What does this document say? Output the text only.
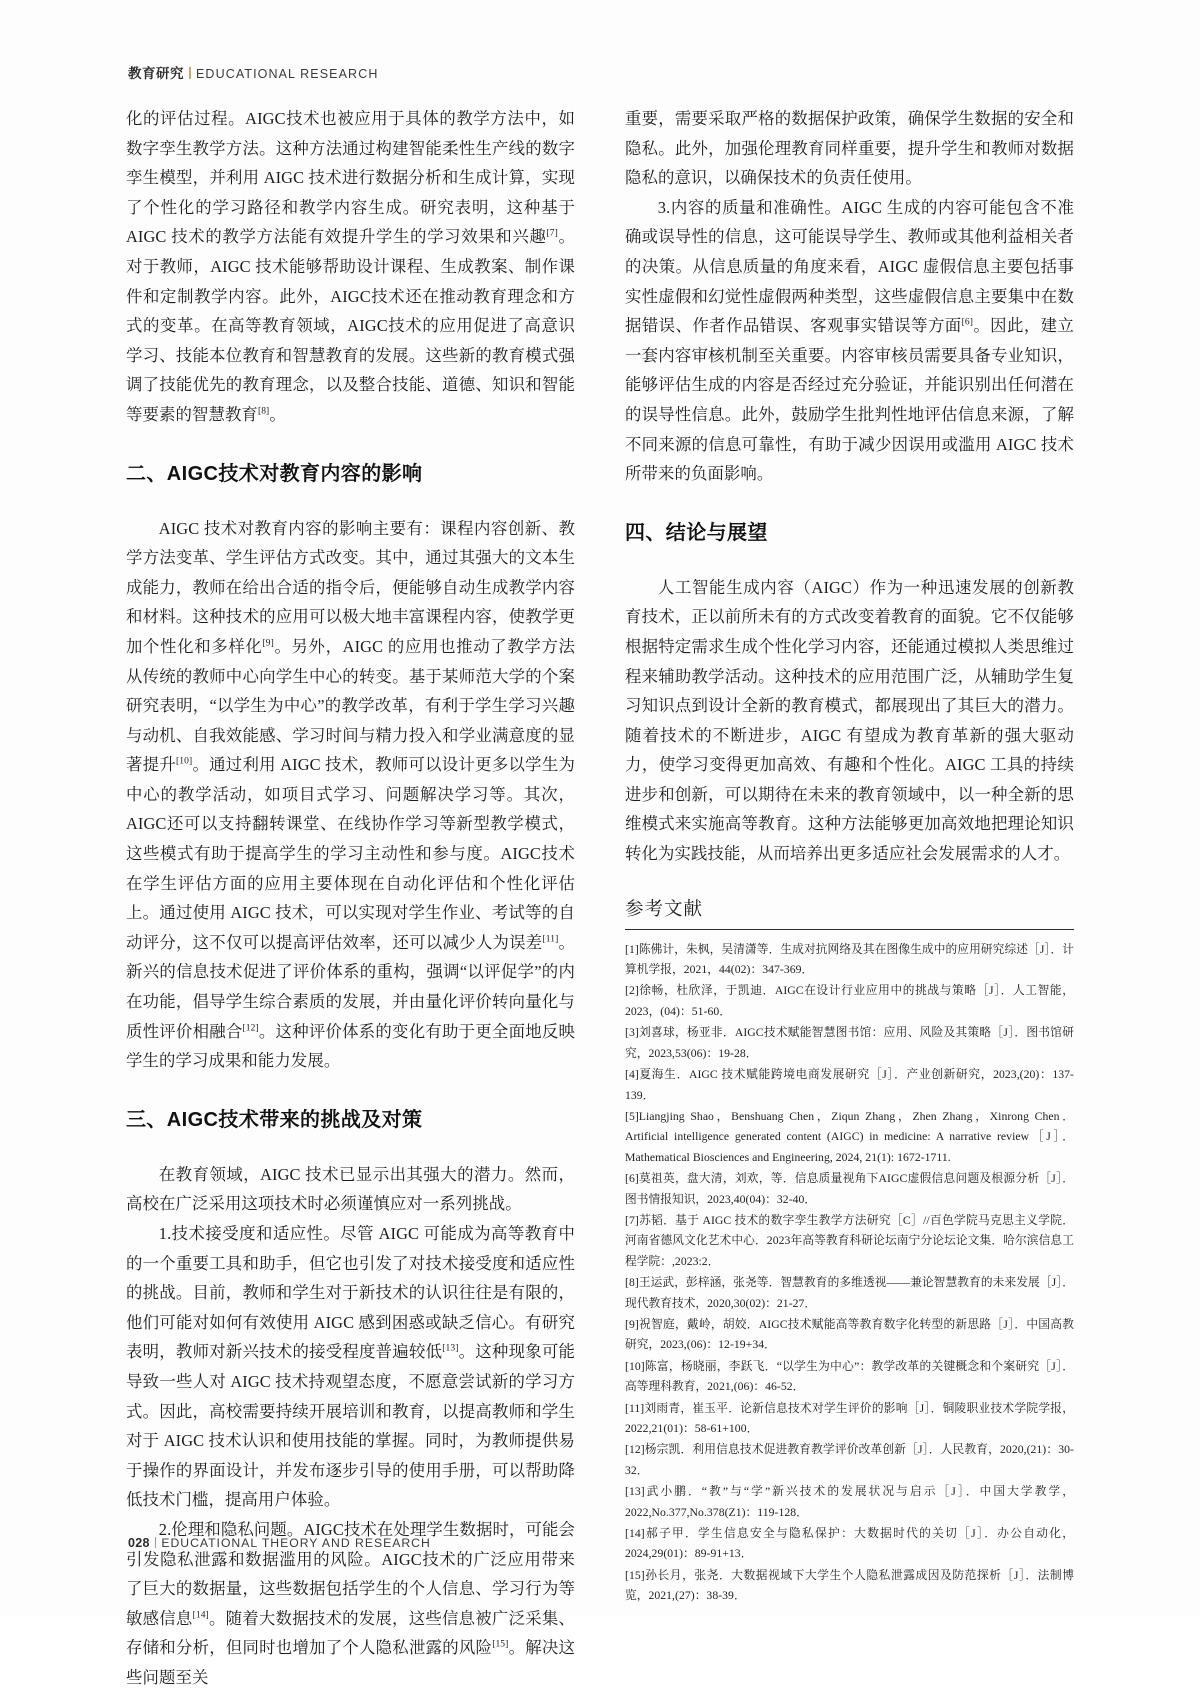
教育研究 EDUCATIONAL RESEARCH

化的评估过程。AIGC技术也被应用于具体的教学方法中，如数字孪生教学方法。这种方法通过构建智能柔性生产线的数字孪生模型，并利用 AIGC 技术进行数据分析和生成计算，实现了个性化的学习路径和教学内容生成。研究表明，这种基于 AIGC 技术的教学方法能有效提升学生的学习效果和兴趣[7]。对于教师，AIGC 技术能够帮助设计课程、生成教案、制作课件和定制教学内容。此外，AIGC技术还在推动教育理念和方式的变革。在高等教育领域，AIGC技术的应用促进了高意识学习、技能本位教育和智慧教育的发展。这些新的教育模式强调了技能优先的教育理念，以及整合技能、道德、知识和智能等要素的智慧教育[8]。

二、AIGC技术对教育内容的影响

AIGC 技术对教育内容的影响主要有：课程内容创新、教学方法变革、学生评估方式改变。其中，通过其强大的文本生成能力，教师在给出合适的指令后，便能够自动生成教学内容和材料。这种技术的应用可以极大地丰富课程内容，使教学更加个性化和多样化[9]。另外，AIGC 的应用也推动了教学方法从传统的教师中心向学生中心的转变。基于某师范大学的个案研究表明，“以学生为中心”的教学改革，有利于学生学习兴趣与动机、自我效能感、学习时间与精力投入和学业满意度的显著提升[10]。通过利用 AIGC 技术，教师可以设计更多以学生为中心的教学活动，如项目式学习、问题解决学习等。其次，AIGC还可以支持翻转课堂、在线协作学习等新型教学模式，这些模式有助于提高学生的学习主动性和参与度。AIGC技术在学生评估方面的应用主要体现在自动化评估和个性化评估上。通过使用 AIGC 技术，可以实现对学生作业、考试等的自动评分，这不仅可以提高评估效率，还可以减少人为误差[11]。新兴的信息技术促进了评价体系的重构，强调“以评促学”的内在功能，倡导学生综合素质的发展，并由量化评价转向量化与质性评价相融合[12]。这种评价体系的变化有助于更全面地反映学生的学习成果和能力发展。

三、AIGC技术带来的挑战及对策

在教育领域，AIGC 技术已显示出其强大的潜力。然而，高校在广泛采用这项技术时必须谨慎应对一系列挑战。

1.技术接受度和适应性。尽管 AIGC 可能成为高等教育中的一个重要工具和助手，但它也引发了对技术接受度和适应性的挑战。目前，教师和学生对于新技术的认识往往是有限的，他们可能对如何有效使用 AIGC 感到困惑或缺乏信心。有研究表明，教师对新兴技术的接受程度普遍较低[13]。这种现象可能导致一些人对 AIGC 技术持观望态度，不愿意尝试新的学习方式。因此，高校需要持续开展培训和教育，以提高教师和学生对于 AIGC 技术认识和使用技能的掌握。同时，为教师提供易于操作的界面设计，并发布逐步引导的使用手册，可以帮助降低技术门槛，提高用户体验。

2.伦理和隐私问题。AIGC技术在处理学生数据时，可能会引发隐私泄露和数据滥用的风险。AIGC技术的广泛应用带来了巨大的数据量，这些数据包括学生的个人信息、学习行为等敏感信息[14]。随着大数据技术的发展，这些信息被广泛采集、存储和分析，但同时也增加了个人隐私泄露的风险[15]。解决这些问题至关

重要，需要采取严格的数据保护政策，确保学生数据的安全和隐私。此外，加强伦理教育同样重要，提升学生和教师对数据隐私的意识，以确保技术的负责任使用。

3.内容的质量和准确性。AIGC 生成的内容可能包含不准确或误导性的信息，这可能误导学生、教师或其他利益相关者的决策。从信息质量的角度来看，AIGC 虚假信息主要包括事实性虚假和幻觉性虚假两种类型，这些虚假信息主要集中在数据错误、作者作品错误、客观事实错误等方面[6]。因此，建立一套内容审核机制至关重要。内容审核员需要具备专业知识，能够评估生成的内容是否经过充分验证，并能识别出任何潜在的误导性信息。此外，鼓励学生批判性地评估信息来源，了解不同来源的信息可靠性，有助于减少因误用或滥用 AIGC 技术所带来的负面影响。

四、结论与展望

人工智能生成内容（AIGC）作为一种迅速发展的创新教育技术，正以前所未有的方式改变着教育的面貌。它不仅能够根据特定需求生成个性化学习内容，还能通过模拟人类思维过程来辅助教学活动。这种技术的应用范围广泛，从辅助学生复习知识点到设计全新的教育模式，都展现出了其巨大的潜力。随着技术的不断进步，AIGC 有望成为教育革新的强大驱动力，使学习变得更加高效、有趣和个性化。AIGC 工具的持续进步和创新，可以期待在未来的教育领域中，以一种全新的思维模式来实施高等教育。这种方法能够更加高效地把理论知识转化为实践技能，从而培养出更多适应社会发展需求的人才。

参考文献
[1]陈佛计，朱枫，吴清潇等．生成对抗网络及其在图像生成中的应用研究综述［J］．计算机学报，2021，44(02)：347-369．
[2]徐畅，杜欣泽，于凯迪．AIGC在设计行业应用中的挑战与策略［J］．人工智能，2023，(04)：51-60．
[3]刘喜球，杨亚非．AIGC技术赋能智慧图书馆：应用、风险及其策略［J］．图书馆研究，2023,53(06)：19-28．
[4]夏海生．AIGC 技术赋能跨境电商发展研究［J］．产业创新研究，2023,(20)：137-139．
[5]Liangjing Shao，Benshuang Chen，Ziqun Zhang，Zhen Zhang，Xinrong Chen． Artificial intelligence generated content (AIGC) in medicine: A narrative review［J］． Mathematical Biosciences and Engineering, 2024, 21(1): 1672-1711.
[6]莫祖英，盘大清，刘欢，等．信息质量视角下AIGC虚假信息问题及根源分析［J］．图书情报知识，2023,40(04)：32-40．
[7]苏韬．基于 AIGC 技术的数字孪生教学方法研究［C］//百色学院马克思主义学院．河南省德风文化艺术中心．2023年高等教育科研论坛南宁分论坛论文集．哈尔滨信息工程学院：,2023:2．
[8]王运武，彭梓涵，张尧等．智慧教育的多维透视——兼论智慧教育的未来发展［J］．现代教育技术，2020,30(02)：21-27．
[9]祝智庭，戴岭，胡姣．AIGC技术赋能高等教育数字化转型的新思路［J］．中国高教研究，2023,(06)：12-19+34．
[10]陈富，杨晓丽，李跃飞．“以学生为中心”：教学改革的关键概念和个案研究［J］．高等理科教育，2021,(06)：46-52．
[11]刘雨青，崔玉平．论新信息技术对学生评价的影响［J］．铜陵职业技术学院学报，2022,21(01)：58-61+100．
[12]杨宗凯．利用信息技术促进教育教学评价改革创新［J］．人民教育，2020,(21)：30-32．
[13]武小鹏．“教”与“学”新兴技术的发展状况与启示［J］．中国大学教学，2022,No.377,No.378(Z1)：119-128．
[14]郝子甲．学生信息安全与隐私保护：大数据时代的关切［J］．办公自动化，2024,29(01)：89-91+13．
[15]孙长月，张尧．大数据视域下大学生个人隐私泄露成因及防范探析［J］．法制博览，2021,(27)：38-39．
028 EDUCATIONAL THEORY AND RESEARCH
